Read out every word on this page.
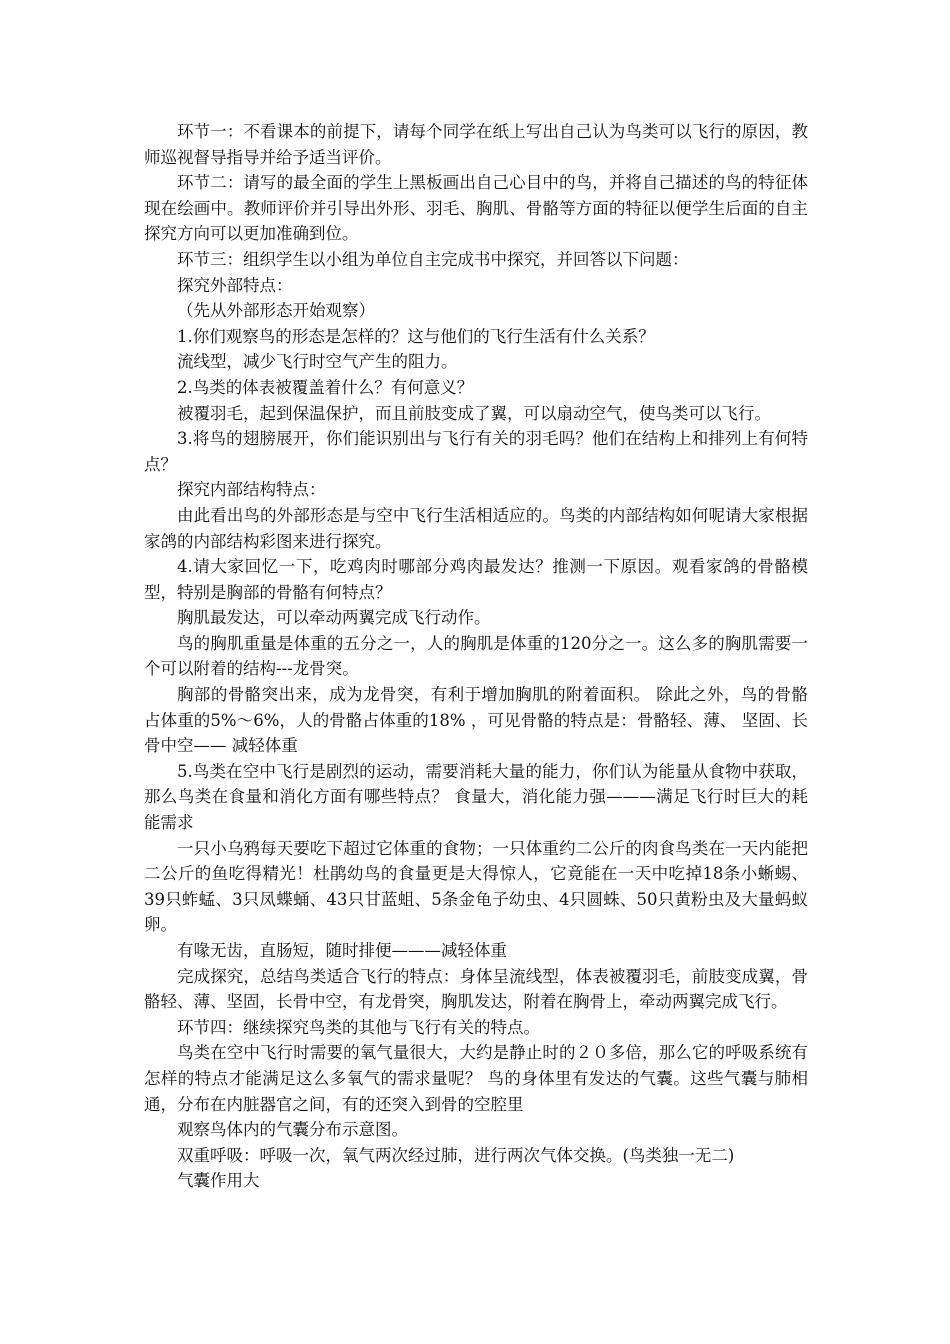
环节一：不看课本的前提下，请每个同学在纸上写出自己认为鸟类可以飞行的原因，教师巡视督导指导并给予适当评价。

环节二：请写的最全面的学生上黑板画出自己心目中的鸟，并将自己描述的鸟的特征体现在绘画中。教师评价并引导出外形、羽毛、胸肌、骨骼等方面的特征以便学生后面的自主探究方向可以更加准确到位。

环节三：组织学生以小组为单位自主完成书中探究，并回答以下问题：

探究外部特点：

（先从外部形态开始观察）

1.你们观察鸟的形态是怎样的？这与他们的飞行生活有什么关系？

流线型，减少飞行时空气产生的阻力。

2.鸟类的体表被覆盖着什么？有何意义？

被覆羽毛，起到保温保护，而且前肢变成了翼，可以扇动空气，使鸟类可以飞行。

3.将鸟的翅膀展开，你们能识别出与飞行有关的羽毛吗？他们在结构上和排列上有何特点？

探究内部结构特点：

由此看出鸟的外部形态是与空中飞行生活相适应的。鸟类的内部结构如何呢请大家根据家鸽的内部结构彩图来进行探究。

4.请大家回忆一下，吃鸡肉时哪部分鸡肉最发达？推测一下原因。观看家鸽的骨骼模型，特别是胸部的骨骼有何特点？

胸肌最发达，可以牵动两翼完成飞行动作。

鸟的胸肌重量是体重的五分之一，人的胸肌是体重的120分之一。这么多的胸肌需要一个可以附着的结构---龙骨突。

胸部的骨骼突出来，成为龙骨突，有利于增加胸肌的附着面积。 除此之外，鸟的骨骼占体重的5%～6%，人的骨骼占体重的18% ，可见骨骼的特点是：骨骼轻、薄、 坚固、长骨中空—— 减轻体重

5.鸟类在空中飞行是剧烈的运动，需要消耗大量的能力，你们认为能量从食物中获取，那么鸟类在食量和消化方面有哪些特点？ 食量大，消化能力强———满足飞行时巨大的耗能需求

一只小乌鸦每天要吃下超过它体重的食物；一只体重约二公斤的肉食鸟类在一天内能把二公斤的鱼吃得精光！杜鹃幼鸟的食量更是大得惊人，它竟能在一天中吃掉18条小蜥蜴、39只蚱蜢、3只凤蝶蛹、43只甘蓝蛆、5条金龟子幼虫、4只圆蛛、50只黄粉虫及大量蚂蚁卵。

有喙无齿，直肠短，随时排便———减轻体重

完成探究，总结鸟类适合飞行的特点：身体呈流线型，体表被覆羽毛，前肢变成翼，骨骼轻、薄、坚固，长骨中空，有龙骨突，胸肌发达，附着在胸骨上，牵动两翼完成飞行。

环节四：继续探究鸟类的其他与飞行有关的特点。

鸟类在空中飞行时需要的氧气量很大，大约是静止时的２０多倍，那么它的呼吸系统有怎样的特点才能满足这么多氧气的需求量呢？ 鸟的身体里有发达的气囊。这些气囊与肺相通，分布在内脏器官之间，有的还突入到骨的空腔里

观察鸟体内的气囊分布示意图。

双重呼吸：呼吸一次，氧气两次经过肺，进行两次气体交换。(鸟类独一无二)

气囊作用大
